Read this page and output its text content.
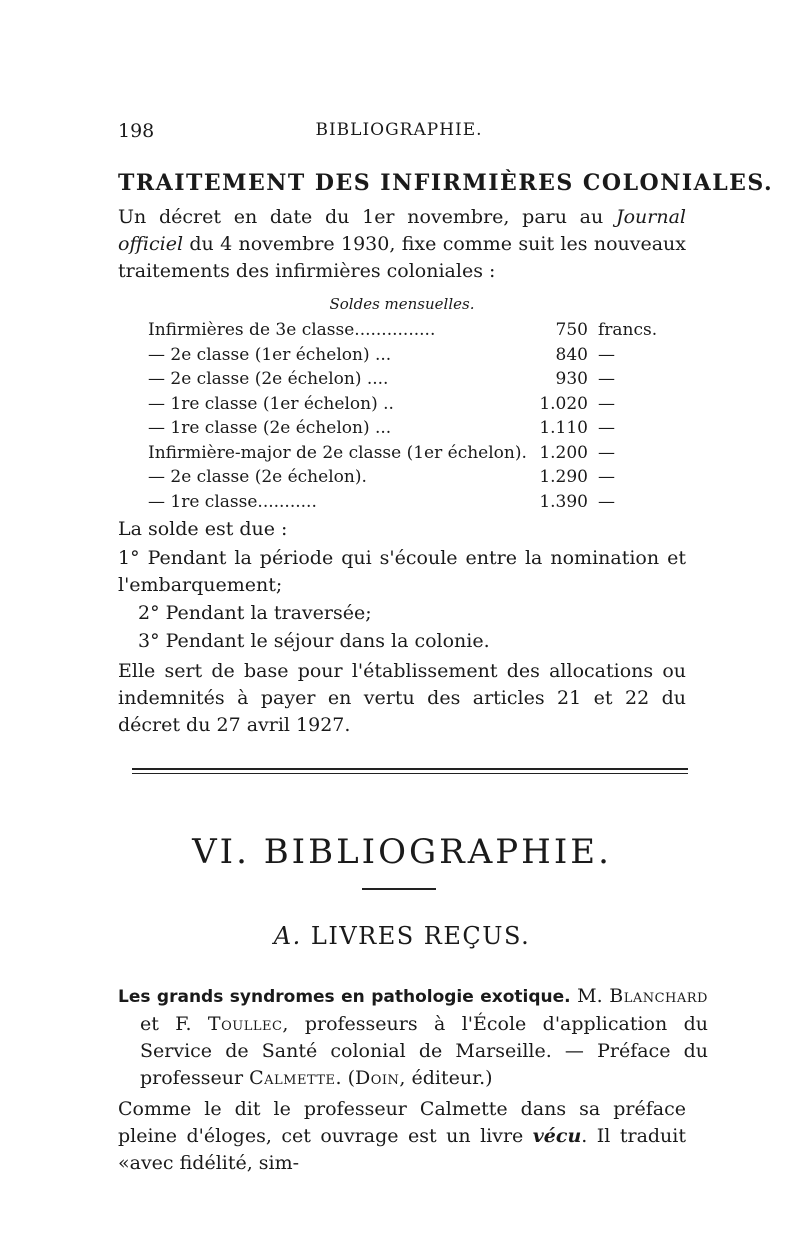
198	BIBLIOGRAPHIE.
TRAITEMENT DES INFIRMIÈRES COLONIALES.

Un décret en date du 1er novembre, paru au Journal officiel du 4 novembre 1930, fixe comme suit les nouveaux traitements des infirmières coloniales :

Soldes mensuelles.
Infirmières de 3e classe...............	750 francs.
— 2e classe (1er échelon) ...	840 —
— 2e classe (2e échelon) ....	930 —
— 1re classe (1er échelon) ..	1.020 —
— 1re classe (2e échelon) ...	1.110 —
Infirmière-major de 2e classe (1er échelon). 1.200 —
— 2e classe (2e échelon).	1.290 —
— 1re classe...........	1.390 —

La solde est due :

1° Pendant la période qui s'écoule entre la nomination et l'embarquement;

2° Pendant la traversée;

3° Pendant le séjour dans la colonie.

Elle sert de base pour l'établissement des allocations ou indemnités à payer en vertu des articles 21 et 22 du décret du 27 avril 1927.

VI. BIBLIOGRAPHIE.
A. LIVRES REÇUS.

Les grands syndromes en pathologie exotique. M. Blanchard et F. Toullec, professeurs à l'École d'application du Service de Santé colonial de Marseille. — Préface du professeur Calmette. (Doin, éditeur.)

Comme le dit le professeur Calmette dans sa préface pleine d'éloges, cet ouvrage est un livre vécu. Il traduit «avec fidélité, sim-
